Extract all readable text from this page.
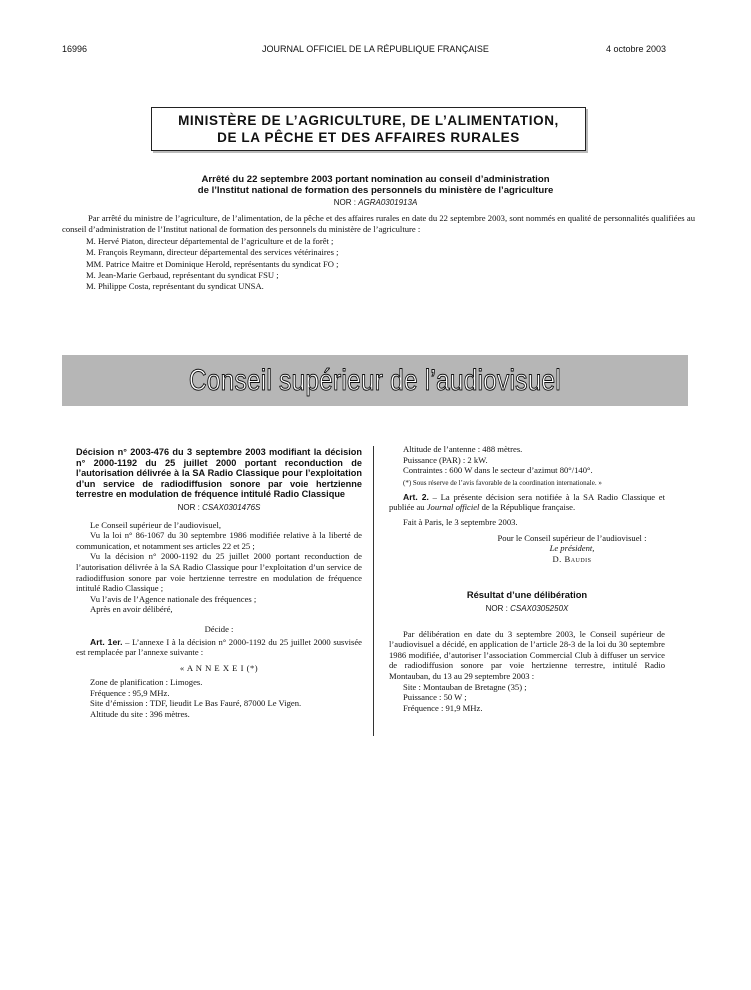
16996	JOURNAL OFFICIEL DE LA RÉPUBLIQUE FRANÇAISE	4 octobre 2003
MINISTÈRE DE L’AGRICULTURE, DE L’ALIMENTATION,
DE LA PÊCHE ET DES AFFAIRES RURALES
Arrêté du 22 septembre 2003 portant nomination au conseil d’administration
de l’Institut national de formation des personnels du ministère de l’agriculture
NOR : AGRA0301913A

Par arrêté du ministre de l’agriculture, de l’alimentation, de la pêche et des affaires rurales en date du 22 septembre 2003, sont nommés en qualité de personnalités qualifiées au conseil d’administration de l’Institut national de formation des personnels du ministère de l’agriculture :

M. Hervé Piaton, directeur départemental de l’agriculture et de la forêt ;

M. François Reymann, directeur départemental des services vétérinaires ;

MM. Patrice Maitre et Dominique Herold, représentants du syndicat FO ;

M. Jean-Marie Gerbaud, représentant du syndicat FSU ;

M. Philippe Costa, représentant du syndicat UNSA.

Conseil supérieur de l’audiovisuel
Décision n° 2003-476 du 3 septembre 2003 modifiant la décision n° 2000-1192 du 25 juillet 2000 portant reconduction de l’autorisation délivrée à la SA Radio Classique pour l’exploitation d’un service de radiodiffusion sonore par voie hertzienne terrestre en modulation de fréquence intitulé Radio Classique
NOR : CSAX0301476S

Le Conseil supérieur de l’audiovisuel,

Vu la loi n° 86-1067 du 30 septembre 1986 modifiée relative à la liberté de communication, et notamment ses articles 22 et 25 ;

Vu la décision n° 2000-1192 du 25 juillet 2000 portant reconduction de l’autorisation délivrée à la SA Radio Classique pour l’exploitation d’un service de radiodiffusion sonore par voie hertzienne terrestre en modulation de fréquence intitulé Radio Classique ;

Vu l’avis de l’Agence nationale des fréquences ;

Après en avoir délibéré,

Décide :

Art. 1er. – L’annexe I à la décision n° 2000-1192 du 25 juillet 2000 susvisée est remplacée par l’annexe suivante :

« A N N E X E I (*)

Zone de planification : Limoges.

Fréquence : 95,9 MHz.

Site d’émission : TDF, lieudit Le Bas Fauré, 87000 Le Vigen.

Altitude du site : 396 mètres.

Altitude de l’antenne : 488 mètres.

Puissance (PAR) : 2 kW.

Contraintes : 600 W dans le secteur d’azimut 80°/140°.

(*) Sous réserve de l’avis favorable de la coordination internationale. »

Art. 2. – La présente décision sera notifiée à la SA Radio Classique et publiée au Journal officiel de la République française.

Fait à Paris, le 3 septembre 2003.

Pour le Conseil supérieur de l’audiovisuel :

Le président,

D. Baudis

Résultat d’une délibération
NOR : CSAX0305250X

Par délibération en date du 3 septembre 2003, le Conseil supérieur de l’audiovisuel a décidé, en application de l’article 28-3 de la loi du 30 septembre 1986 modifiée, d’autoriser l’association Commercial Club à diffuser un service de radiodiffusion sonore par voie hertzienne terrestre, intitulé Radio Montauban, du 13 au 29 septembre 2003 :

Site : Montauban de Bretagne (35) ;

Puissance : 50 W ;

Fréquence : 91,9 MHz.
